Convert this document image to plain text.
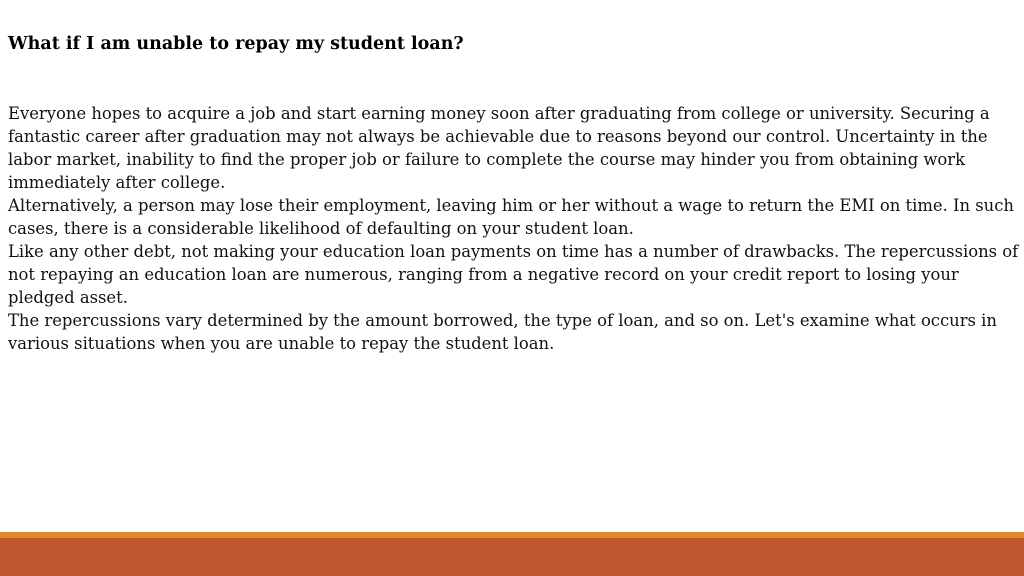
What if I am unable to repay my student loan?

Everyone hopes to acquire a job and start earning money soon after graduating from college or university. Securing a fantastic career after graduation may not always be achievable due to reasons beyond our control. Uncertainty in the labor market, inability to find the proper job or failure to complete the course may hinder you from obtaining work immediately after college.

Alternatively, a person may lose their employment, leaving him or her without a wage to return the EMI on time. In such cases, there is a considerable likelihood of defaulting on your student loan.

Like any other debt, not making your education loan payments on time has a number of drawbacks. The repercussions of not repaying an education loan are numerous, ranging from a negative record on your credit report to losing your pledged asset.

The repercussions vary determined by the amount borrowed, the type of loan, and so on. Let's examine what occurs in various situations when you are unable to repay the student loan.
